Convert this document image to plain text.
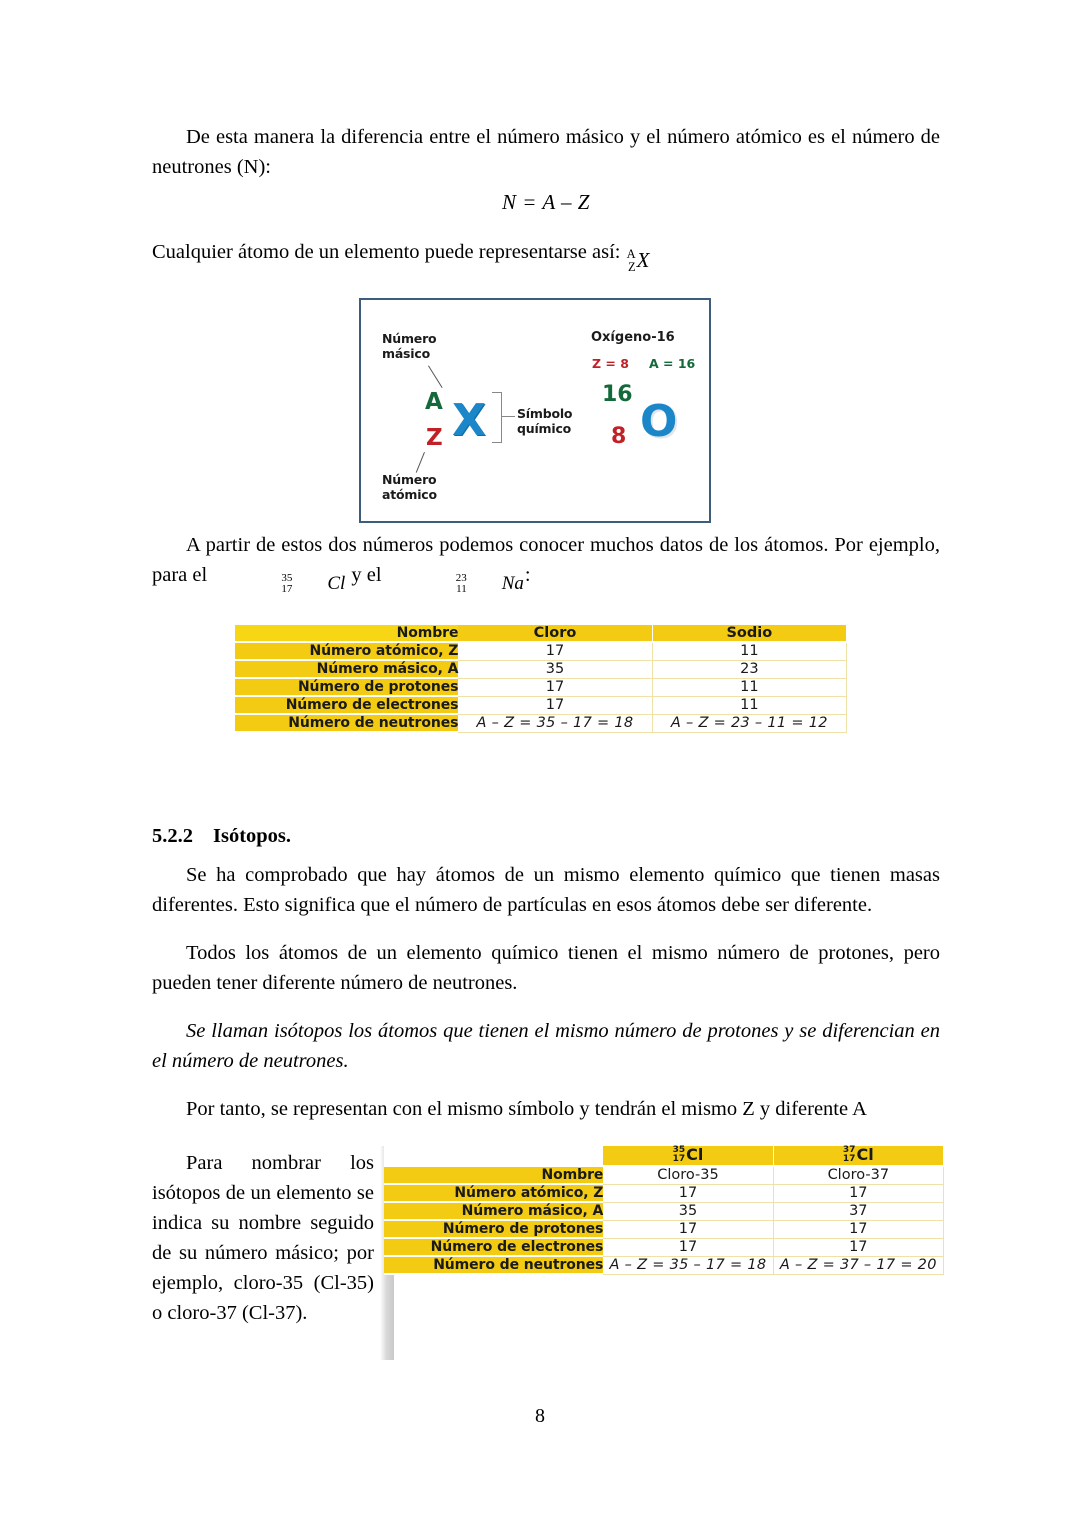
De esta manera la diferencia entre el número másico y el número atómico es el número de neutrones (N):

N = A – Z

Cualquier átomo de un elemento puede representarse así: A
Z X

Número
másico
A X
Z
Número
atómico
Símbolo
químico
Oxígeno-16
Z = 8 A = 16
16
O
8

A partir de estos dos números podemos conocer muchos datos de los átomos. Por ejemplo, para el	35
17 Cl y el	23
11 Na:

Nombre	Cloro	Sodio
Número atómico, Z	17	11
Número másico, A	35	23
Número de protones	17	11
Número de electrones	17	11
Número de neutrones	A – Z = 35 – 17 = 18	A – Z = 23 – 11 = 12
5.2.2 Isótopos.

Se ha comprobado que hay átomos de un mismo elemento químico que tienen masas diferentes. Esto significa que el número de partículas en esos átomos debe ser diferente.

Todos los átomos de un elemento químico tienen el mismo número de protones, pero pueden tener diferente número de neutrones.

Se llaman isótopos los átomos que tienen el mismo número de protones y se diferencian en el número de neutrones.

Por tanto, se representan con el mismo símbolo y tendrán el mismo Z y diferente A

Para nombrar los isótopos de un elemento se indica su nombre seguido de su número másico; por ejemplo, cloro-35 (Cl-35) o cloro-37 (Cl-37).

	35
17 Cl	37
17 Cl
Nombre	Cloro-35	Cloro-37
Número atómico, Z	17	17
Número másico, A	35	37
Número de protones	17	17
Número de electrones	17	17
Número de neutrones	A – Z = 35 – 17 = 18	A – Z = 37 – 17 = 20
8
